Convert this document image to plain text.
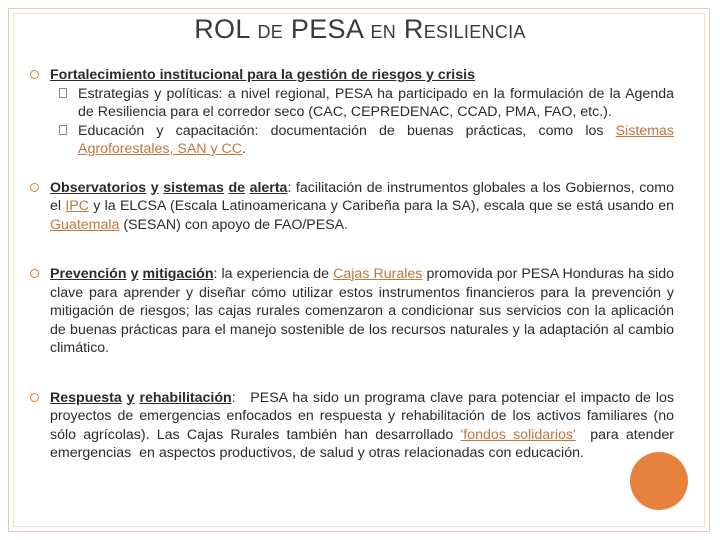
ROL DE PESA EN RESILIENCIA
Fortalecimiento institucional para la gestión de riesgos y crisis
Estrategias y políticas: a nivel regional, PESA ha participado en la formulación de la Agenda de Resiliencia para el corredor seco (CAC, CEPREDENAC, CCAD, PMA, FAO, etc.).
Educación y capacitación: documentación de buenas prácticas, como los Sistemas Agroforestales, SAN y CC.
Observatorios y sistemas de alerta: facilitación de instrumentos globales a los Gobiernos, como el IPC y la ELCSA (Escala Latinoamericana y Caribeña para la SA), escala que se está usando en Guatemala (SESAN) con apoyo de FAO/PESA.
Prevención y mitigación: la experiencia de Cajas Rurales promovida por PESA Honduras ha sido clave para aprender y diseñar cómo utilizar estos instrumentos financieros para la prevención y mitigación de riesgos; las cajas rurales comenzaron a condicionar sus servicios con la aplicación de buenas prácticas para el manejo sostenible de los recursos naturales y la adaptación al cambio climático.
Respuesta y rehabilitación:   PESA ha sido un programa clave para potenciar el impacto de los proyectos de emergencias enfocados en respuesta y rehabilitación de los activos familiares (no sólo agrícolas). Las Cajas Rurales también han desarrollado 'fondos solidarios'  para atender emergencias  en aspectos productivos, de salud y otras relacionadas con educación.
